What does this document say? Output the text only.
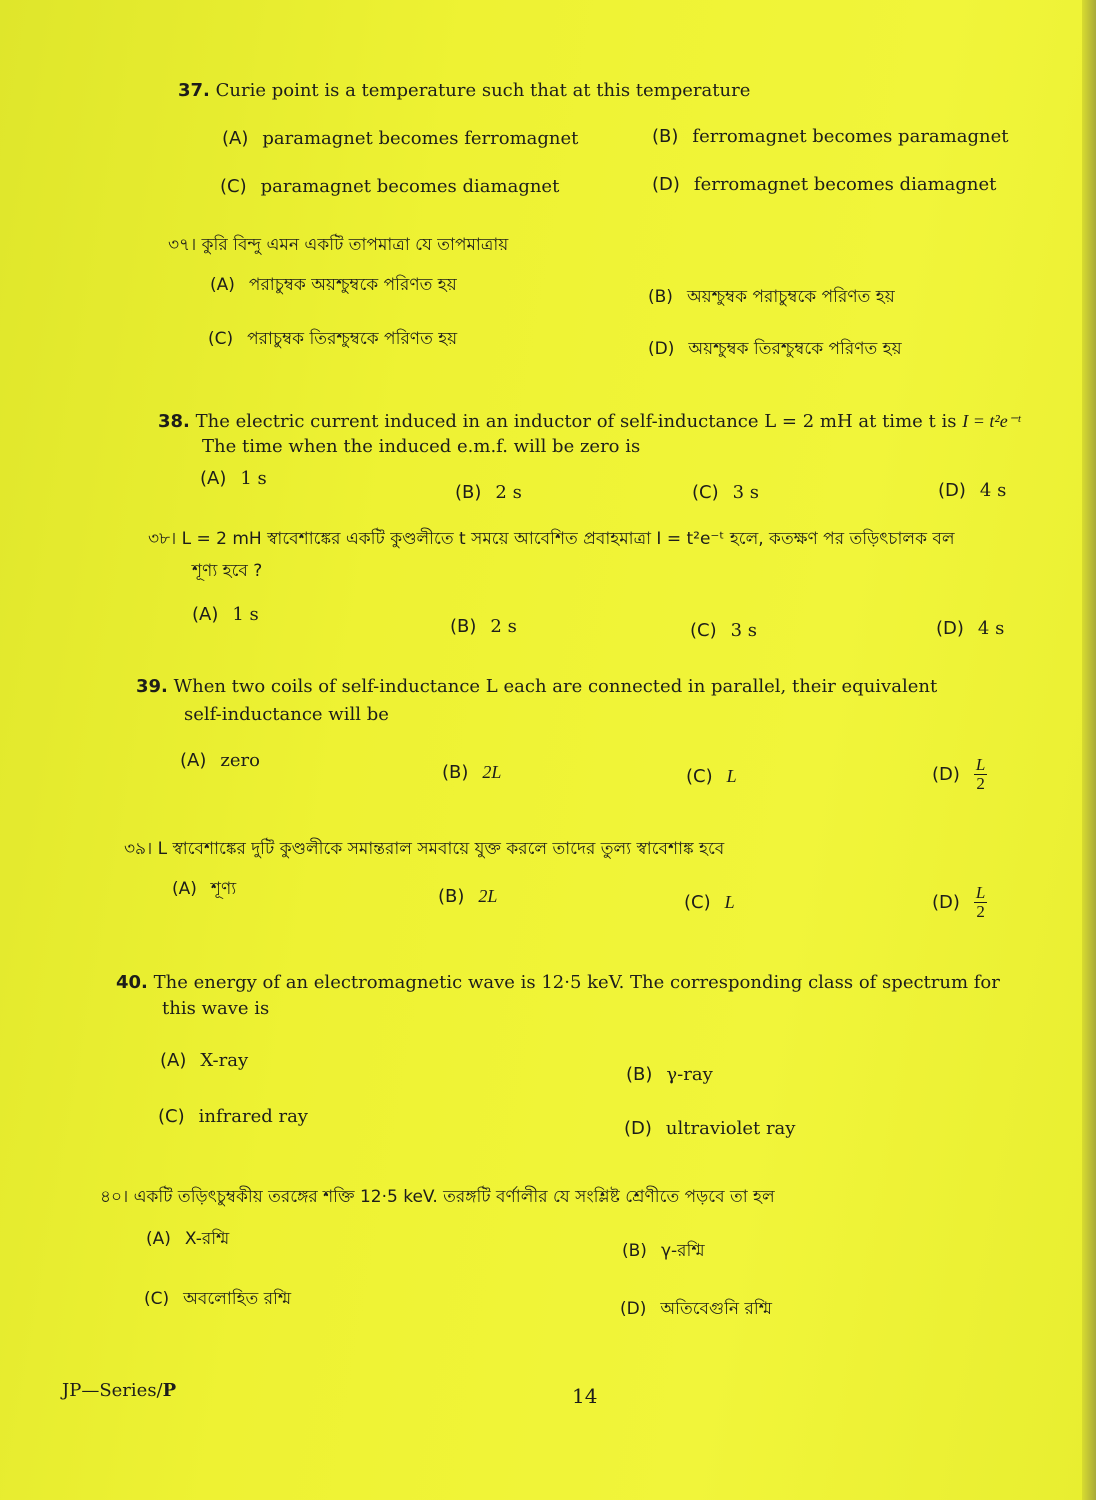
37. Curie point is a temperature such that at this temperature
(A) paramagnet becomes ferromagnet	(B) ferromagnet becomes paramagnet
(C) paramagnet becomes diamagnet	(D) ferromagnet becomes diamagnet
৩৭। কুরি বিন্দু এমন একটি তাপমাত্রা যে তাপমাত্রায়
(A) পরাচুম্বক অয়শ্চুম্বকে পরিণত হয়
(B) অয়শ্চুম্বক পরাচুম্বকে পরিণত হয়
(C) পরাচুম্বক তিরশ্চুম্বকে পরিণত হয়	(D) অয়শ্চুম্বক তিরশ্চুম্বকে পরিণত হয়
38. The electric current induced in an inductor of self-inductance L = 2 mH at time t is I = t²e⁻ᵗ
The time when the induced e.m.f. will be zero is
(A) 1 s
(B) 2 s	(C) 3 s	(D) 4 s
৩৮। L = 2 mH স্বাবেশাঙ্কের একটি কুণ্ডলীতে t সময়ে আবেশিত প্রবাহমাত্রা I = t²e⁻ᵗ হলে, কতক্ষণ পর তড়িৎচালক বল
শূণ্য হবে ?
(A) 1 s
(B) 2 s	(C) 3 s	(D) 4 s
39. When two coils of self-inductance L each are connected in parallel, their equivalent
self-inductance will be
(A) zero
(B) 2L	(C) L	$(D) \frac{L}{2}$
৩৯। L স্বাবেশাঙ্কের দুটি কুণ্ডলীকে সমান্তরাল সমবায়ে যুক্ত করলে তাদের তুল্য স্বাবেশাঙ্ক হবে
(A) শূণ্য	(B) 2L	(C) L	$(D) \frac{L}{2}$
40. The energy of an electromagnetic wave is 12·5 keV. The corresponding class of spectrum for
this wave is
(A) X-ray
(B) γ-ray
(C) infrared ray
(D) ultraviolet ray
৪০। একটি তড়িৎচুম্বকীয় তরঙ্গের শক্তি 12·5 keV. তরঙ্গটি বর্ণালীর যে সংশ্লিষ্ট শ্রেণীতে পড়বে তা হল
(A) X-রশ্মি
(B) γ-রশ্মি
(C) অবলোহিত রশ্মি	(D) অতিবেগুনি রশ্মি
JP—Series/P	14
